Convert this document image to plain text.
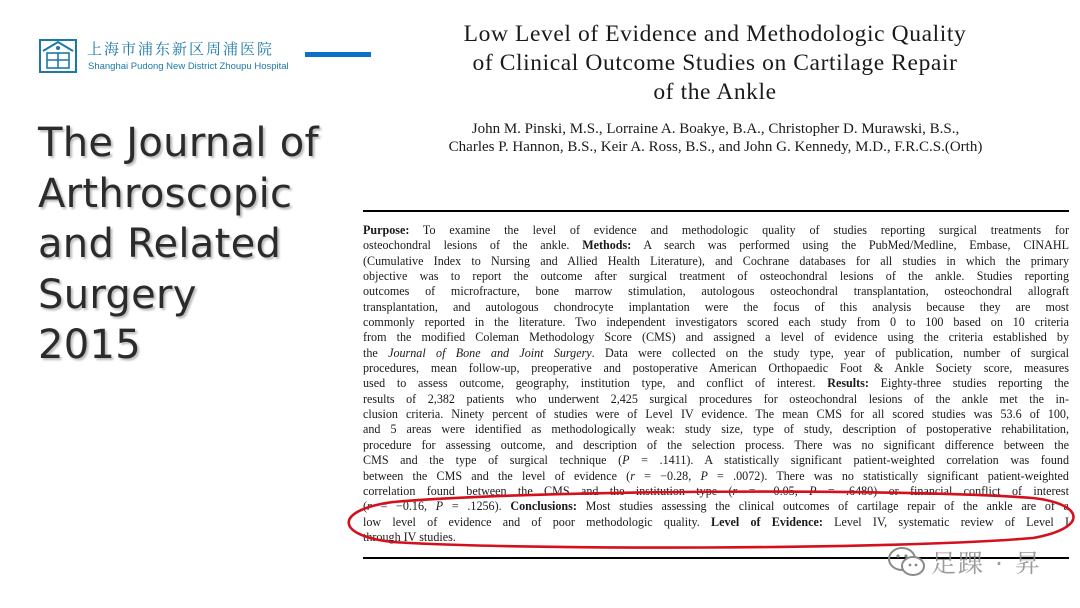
上海市浦东新区周浦医院
Shanghai Pudong New District Zhoupu Hospital
The Journal of
Arthroscopic
and Related
Surgery
2015
Low Level of Evidence and Methodologic Quality
of Clinical Outcome Studies on Cartilage Repair
of the Ankle
John M. Pinski, M.S., Lorraine A. Boakye, B.A., Christopher D. Murawski, B.S.,
Charles P. Hannon, B.S., Keir A. Ross, B.S., and John G. Kennedy, M.D., F.R.C.S.(Orth)
Purpose: To examine the level of evidence and methodologic quality of studies reporting surgical treatments for
osteochondral lesions of the ankle. Methods: A search was performed using the PubMed/Medline, Embase, CINAHL
(Cumulative Index to Nursing and Allied Health Literature), and Cochrane databases for all studies in which the primary
objective was to report the outcome after surgical treatment of osteochondral lesions of the ankle. Studies reporting
outcomes of microfracture, bone marrow stimulation, autologous osteochondral transplantation, osteochondral allograft
transplantation, and autologous chondrocyte implantation were the focus of this analysis because they are most
commonly reported in the literature. Two independent investigators scored each study from 0 to 100 based on 10 criteria
from the modified Coleman Methodology Score (CMS) and assigned a level of evidence using the criteria established by
the Journal of Bone and Joint Surgery. Data were collected on the study type, year of publication, number of surgical
procedures, mean follow-up, preoperative and postoperative American Orthopaedic Foot & Ankle Society score, measures
used to assess outcome, geography, institution type, and conflict of interest. Results: Eighty-three studies reporting the
results of 2,382 patients who underwent 2,425 surgical procedures for osteochondral lesions of the ankle met the in-
clusion criteria. Ninety percent of studies were of Level IV evidence. The mean CMS for all scored studies was 53.6 of 100,
and 5 areas were identified as methodologically weak: study size, type of study, description of postoperative rehabilitation,
procedure for assessing outcome, and description of the selection process. There was no significant difference between the
CMS and the type of surgical technique (P = .1411). A statistically significant patient-weighted correlation was found
between the CMS and the level of evidence (r = −0.28, P = .0072). There was no statistically significant patient-weighted
correlation found between the CMS and the institution type (r = −0.05, P = .6480) or financial conflict of interest
(r = −0.16, P = .1256). Conclusions: Most studies assessing the clinical outcomes of cartilage repair of the ankle are of a
low level of evidence and of poor methodologic quality. Level of Evidence: Level IV, systematic review of Level I
through IV studies.
足踝 · 昇
